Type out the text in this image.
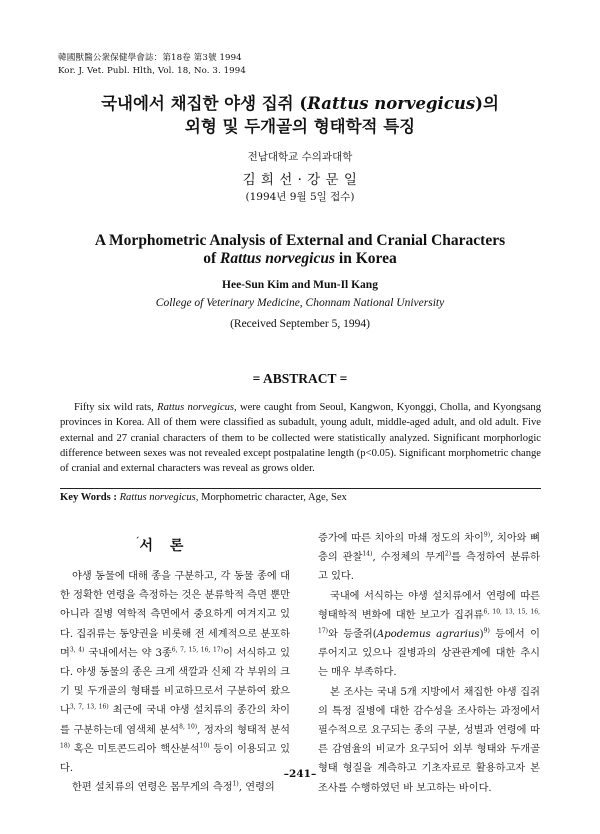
韓國獸醫公衆保健學會誌：第18卷 第3號 1994
Kor. J. Vet. Publ. Hlth, Vol. 18, No. 3. 1994
국내에서 채집한 야생 집쥐 (Rattus norvegicus)의
외형 및 두개골의 형태학적 특징
전남대학교 수의과대학
김 희 선 · 강 문 일
(1994년 9월 5일 접수)
A Morphometric Analysis of External and Cranial Characters
of Rattus norvegicus in Korea
Hee-Sun Kim and Mun-Il Kang
College of Veterinary Medicine, Chonnam National University
(Received September 5, 1994)
= ABSTRACT =
Fifty six wild rats, Rattus norvegicus, were caught from Seoul, Kangwon, Kyonggi, Cholla, and Kyongsang provinces in Korea. All of them were classified as subadult, young adult, middle-aged adult, and old adult. Five external and 27 cranial characters of them to be collected were statistically analyzed. Significant morphorlogic difference between sexes was not revealed except postpalatine length (p<0.05). Significant morphometric change of cranial and external characters was reveal as grows older.
Key Words : Rattus norvegicus, Morphometric character, Age, Sex
´서 론

야생 동물에 대해 종을 구분하고, 각 동물 종에 대한 정확한 연령을 측정하는 것은 분류학적 측면 뿐만 아니라 질병 역학적 측면에서 중요하게 여겨지고 있다. 집쥐류는 동양권을 비롯해 전 세계적으로 분포하며$^{3, 4)}$ 국내에서는 약 3종$^{6, 7, 15, 16, 17)}$이 서식하고 있다. 야생 동물의 종은 크게 색깔과 신체 각 부위의 크기 및 두개골의 형태를 비교하므로서 구분하여 왔으나$^{3, 7, 13, 16)}$ 최근에 국내 야생 설치류의 종간의 차이를 구분하는데 염색체 분석$^{8, 10)}$, 정자의 형태적 분석$^{18)}$ 혹은 미토콘드리아 핵산분석$^{10)}$ 등이 이용되고 있다.

한편 설치류의 연령은 몸무게의 측정$^{1)}$, 연령의

증가에 따른 치아의 마쇄 정도의 차이$^{9)}$, 치아와 뼈층의 관찰$^{14)}$, 수정체의 무게$^{2)}$를 측정하여 분류하고 있다.

국내에 서식하는 야생 설치류에서 연령에 따른 형태학적 변화에 대한 보고가 집쥐류$^{6, 10, 13, 15, 16, 17)}$와 등줄쥐(Apodemus agrarius)$^{9)}$ 등에서 이루어지고 있으나 질병과의 상관관계에 대한 추시는 매우 부족하다.

본 조사는 국내 5개 지방에서 채집한 야생 집쥐의 특정 질병에 대한 감수성을 조사하는 과정에서 필수적으로 요구되는 종의 구분, 성별과 연령에 따른 감염율의 비교가 요구되어 외부 형태와 두개골 형태 형질을 계측하고 기초자료로 활용하고자 본 조사를 수행하였던 바 보고하는 바이다.

–241–
